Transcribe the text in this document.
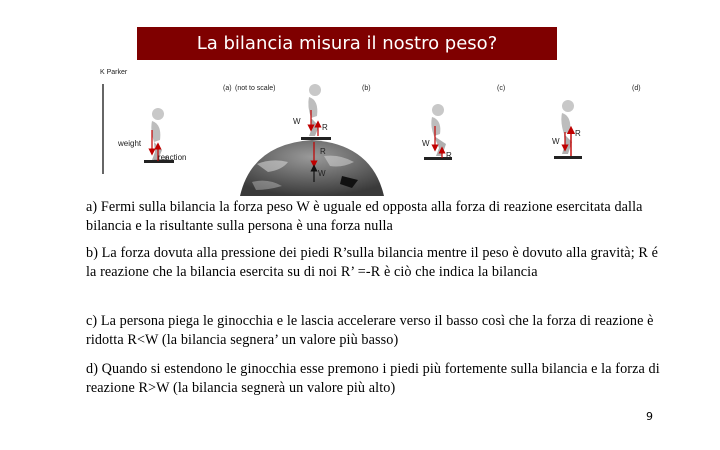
La bilancia misura il nostro peso?
K Parker
(a) (not to scale)	(b)	(c)	(d)
weight
reaction
W
R
R
W
W
R
W
R
a) Fermi sulla bilancia la forza peso W è uguale ed opposta alla forza di reazione esercitata dalla bilancia e la risultante sulla persona è una forza nulla
b) La forza dovuta alla pressione dei piedi R’sulla bilancia mentre il peso è dovuto alla gravità; R é la reazione che la bilancia esercita su di noi R’ =-R è ciò che indica la bilancia
c) La persona piega le ginocchia e le lascia accelerare verso il basso così che la forza di reazione è ridotta R<W (la bilancia segnera’ un valore più basso)
d) Quando si estendono le ginocchia esse premono i piedi più fortemente sulla bilancia e la forza di reazione R>W (la bilancia segnerà un valore più alto)
9
